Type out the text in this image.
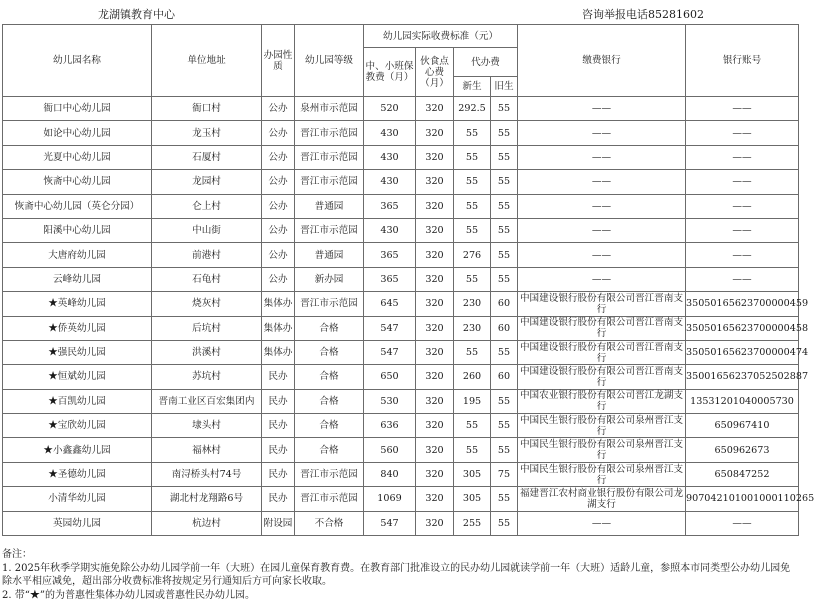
龙湖镇教育中心	咨询举报电话85281602
幼儿园名称	单位地址	办园性质	幼儿园等级	幼儿园实际收费标准（元）				缴费银行	银行账号
				中、小班保教费（月）	伙食点心费（月）	代办费			
						新生	旧生		
衙口中心幼儿园	衙口村	公办	泉州市示范园	520	320	292.5	55	——	——
如论中心幼儿园	龙玉村	公办	晋江市示范园	430	320	55	55	——	——
光夏中心幼儿园	石厦村	公办	晋江市示范园	430	320	55	55	——	——
恢斋中心幼儿园	龙园村	公办	晋江市示范园	430	320	55	55	——	——
恢斋中心幼儿园（英仑分园）	仑上村	公办	普通园	365	320	55	55	——	——
阳溪中心幼儿园	中山街	公办	晋江市示范园	430	320	55	55	——	——
大唐府幼儿园	前港村	公办	普通园	365	320	276	55	——	——
云峰幼儿园	石龟村	公办	新办园	365	320	55	55	——	——
★英峰幼儿园	烧灰村	集体办	晋江市示范园	645	320	230	60	中国建设银行股份有限公司晋江晋南支行	35050165623700000459
★侨英幼儿园	后坑村	集体办	合格	547	320	230	60	中国建设银行股份有限公司晋江晋南支行	35050165623700000458
★强民幼儿园	洪溪村	集体办	合格	547	320	55	55	中国建设银行股份有限公司晋江晋南支行	35050165623700000474
★恒斌幼儿园	苏坑村	民办	合格	650	320	260	60	中国建设银行股份有限公司晋江晋南支行	35001656237052502887
★百凯幼儿园	晋南工业区百宏集团内	民办	合格	530	320	195	55	中国农业银行股份有限公司晋江龙湖支行	13531201040005730
★宝欣幼儿园	埭头村	民办	合格	636	320	55	55	中国民生银行股份有限公司泉州晋江支行	650967410
★小鑫鑫幼儿园	福林村	民办	合格	560	320	55	55	中国民生银行股份有限公司泉州晋江支行	650962673
★圣德幼儿园	南浔桥头村74号	民办	晋江市示范园	840	320	305	75	中国民生银行股份有限公司泉州晋江支行	650847252
小清华幼儿园	湖北村龙翔路6号	民办	晋江市示范园	1069	320	305	55	福建晋江农村商业银行股份有限公司龙湖支行	907042101001000110265
英园幼儿园	杭边村	附设园	不合格	547	320	255	55	——	——
备注：
1. 2025年秋季学期实施免除公办幼儿园学前一年（大班）在园儿童保育教育费。在教育部门批准设立的民办幼儿园就读学前一年（大班）适龄儿童，参照本市同类型公办幼儿园免除水平相应减免，超出部分收费标准将按规定另行通知后方可向家长收取。
2. 带“★”的为普惠性集体办幼儿园或普惠性民办幼儿园。
